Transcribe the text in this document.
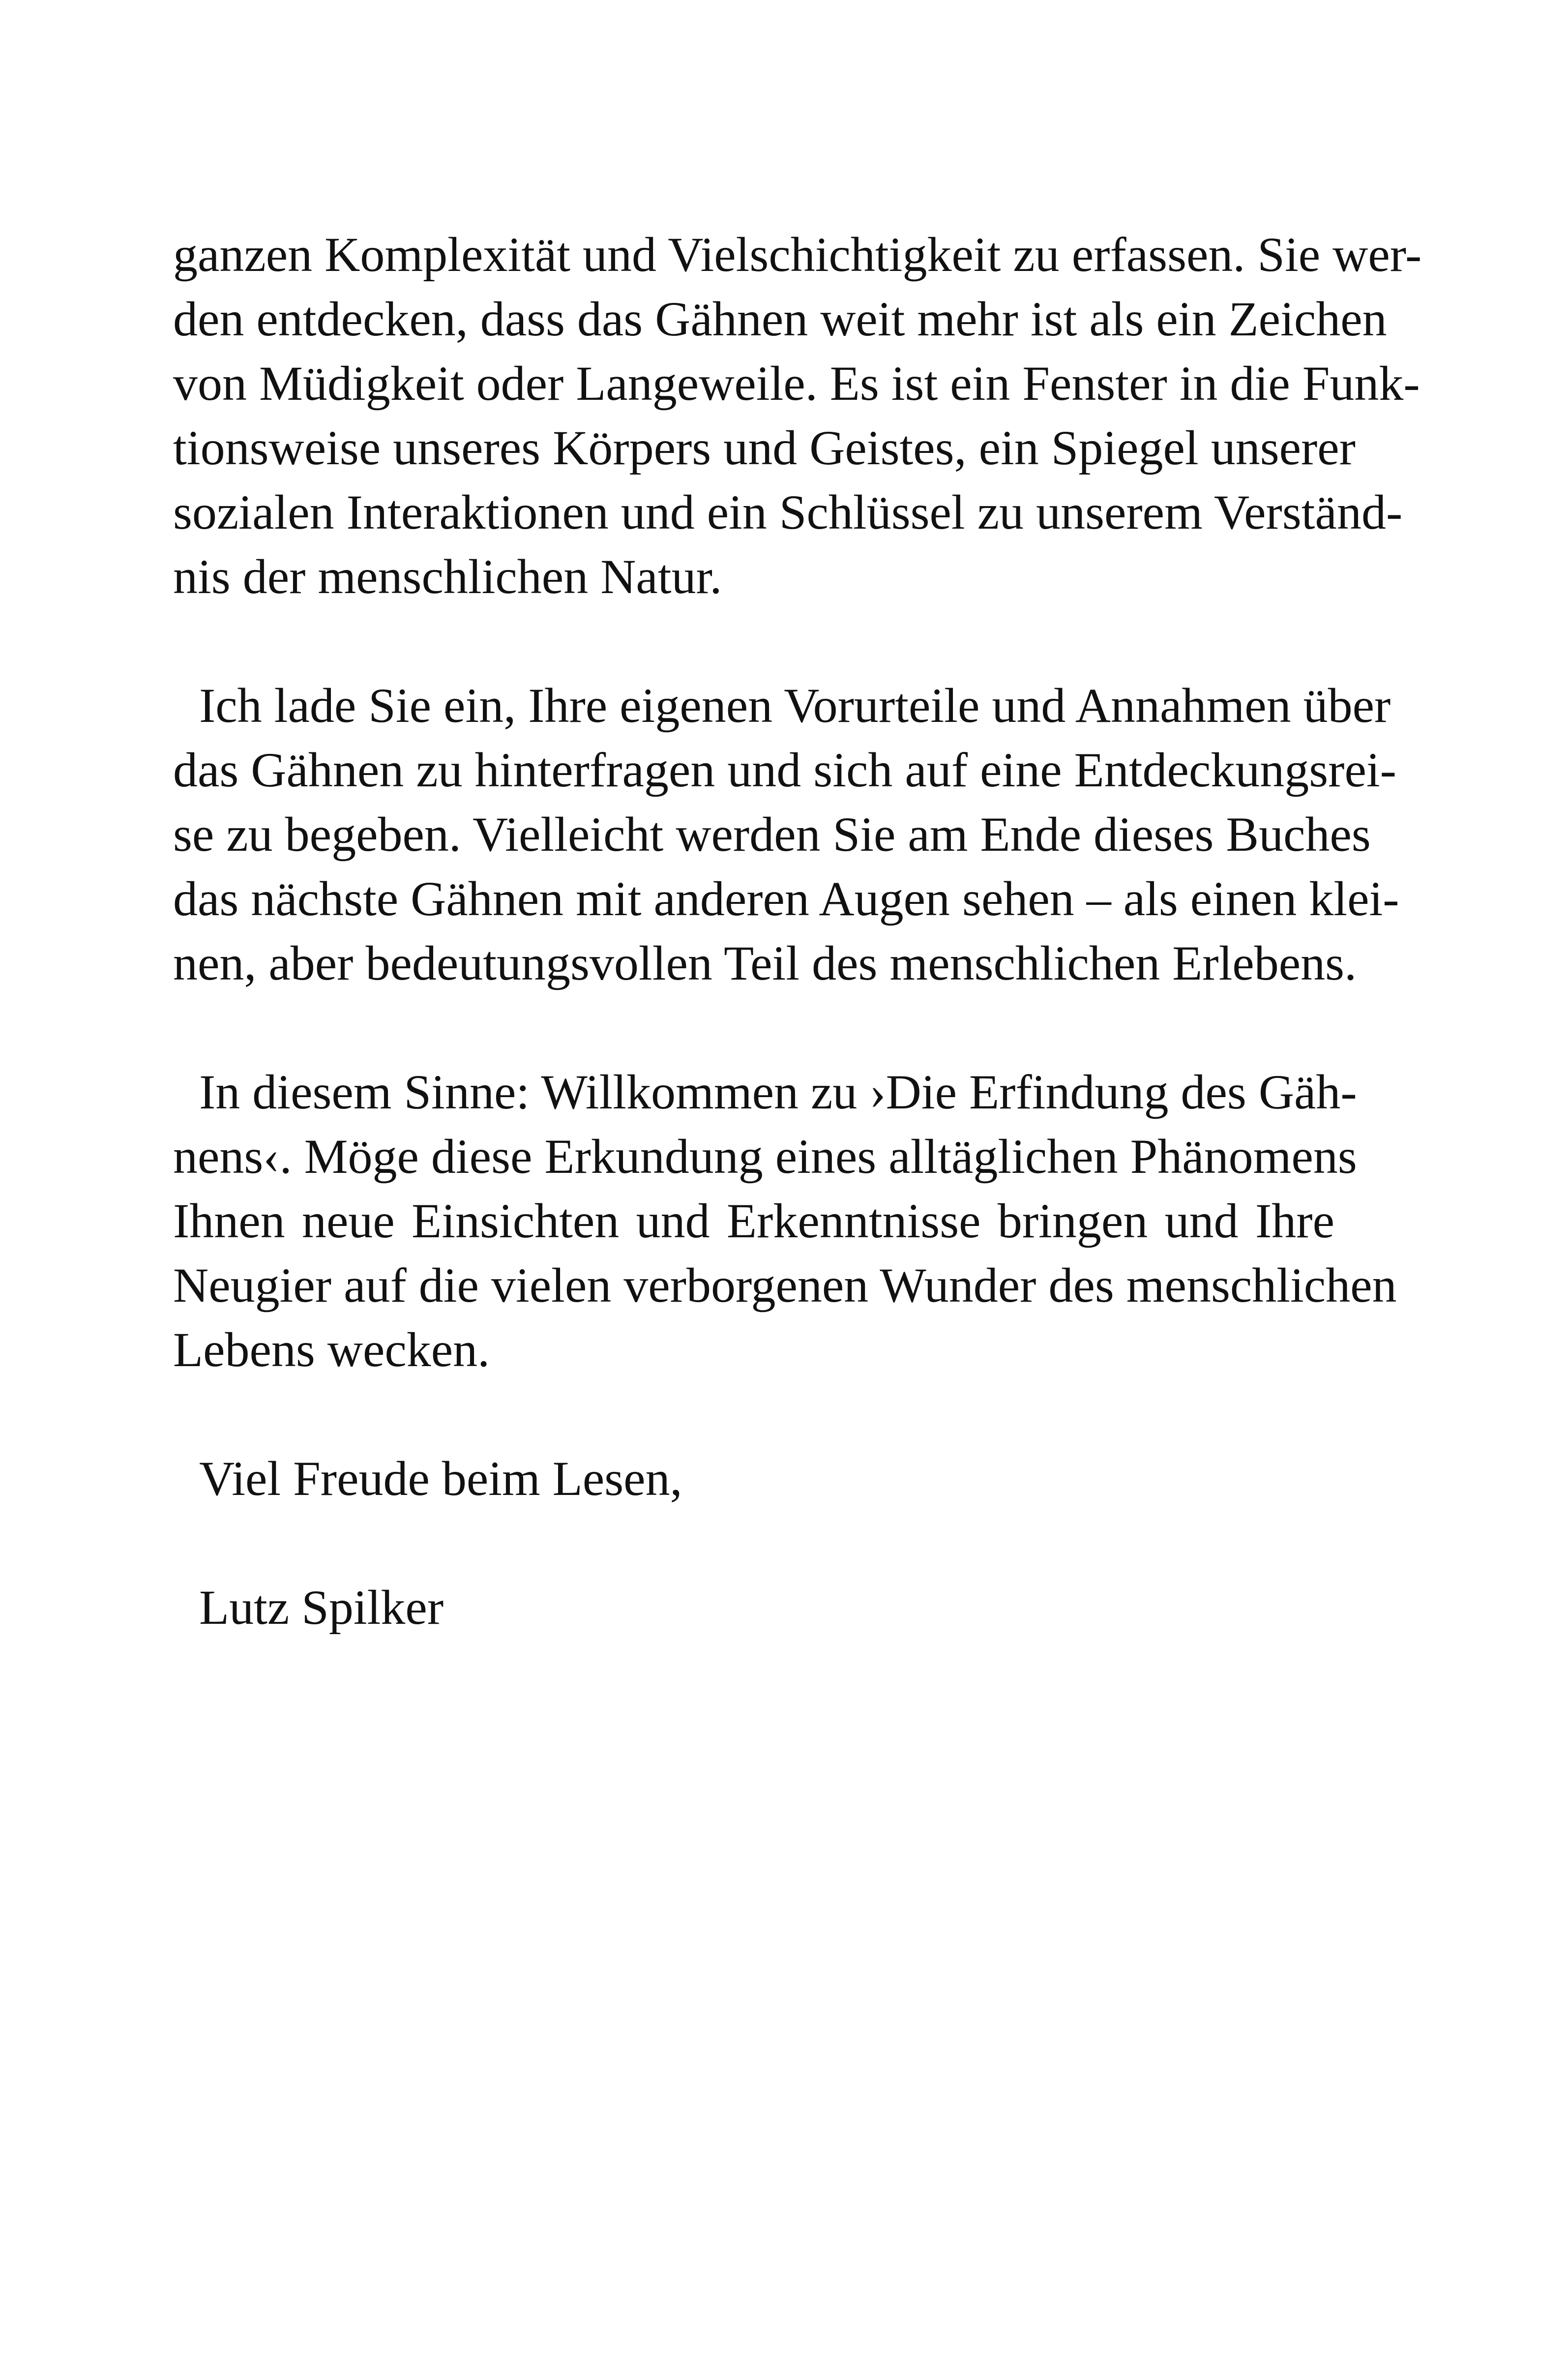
ganzen Komplexität und Vielschichtigkeit zu erfassen. Sie wer-
den entdecken, dass das Gähnen weit mehr ist als ein Zeichen
von Müdigkeit oder Langeweile. Es ist ein Fenster in die Funk-
tionsweise unseres Körpers und Geistes, ein Spiegel unserer
sozialen Interaktionen und ein Schlüssel zu unserem Verständ-
nis der menschlichen Natur.
Ich lade Sie ein, Ihre eigenen Vorurteile und Annahmen über
das Gähnen zu hinterfragen und sich auf eine Entdeckungsrei-
se zu begeben. Vielleicht werden Sie am Ende dieses Buches
das nächste Gähnen mit anderen Augen sehen – als einen klei-
nen, aber bedeutungsvollen Teil des menschlichen Erlebens.
In diesem Sinne: Willkommen zu ›Die Erfindung des Gäh-
nens‹. Möge diese Erkundung eines alltäglichen Phänomens
Ihnen neue Einsichten und Erkenntnisse bringen und Ihre
Neugier auf die vielen verborgenen Wunder des menschlichen
Lebens wecken.
Viel Freude beim Lesen,
Lutz Spilker
